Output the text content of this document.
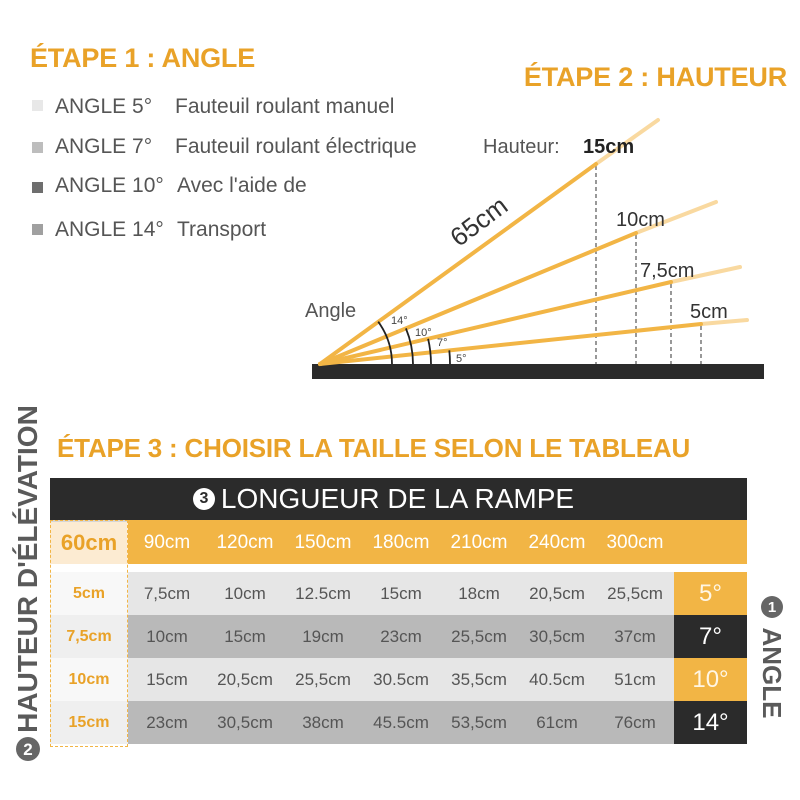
ÉTAPE 1 : ANGLE
ANGLE 5° Fauteuil roulant manuel
ANGLE 7° Fauteuil roulant électrique
ANGLE 10° Avec l'aide de
ANGLE 14° Transport
ÉTAPE 2 : HAUTEUR
Angle	14°
10°
7°
5°
65cm
Hauteur: 15cm
10cm
7,5cm
5cm
ÉTAPE 3 : CHOISIR LA TAILLE SELON LE TABLEAU
HAUTEUR D'ÉLÉVATION
2
ANGLE
1
3 LONGUEUR DE LA RAMPE
60cm	90cm	120cm	150cm	180cm	210cm	240cm	300cm
5cm	7,5cm	10cm	12.5cm	15cm	18cm	20,5cm	25,5cm	5°
7,5cm	10cm	15cm	19cm	23cm	25,5cm	30,5cm	37cm	7°
10cm	15cm	20,5cm	25,5cm	30.5cm	35,5cm	40.5cm	51cm	10°
15cm	23cm	30,5cm	38cm	45.5cm	53,5cm	61cm	76cm	14°
